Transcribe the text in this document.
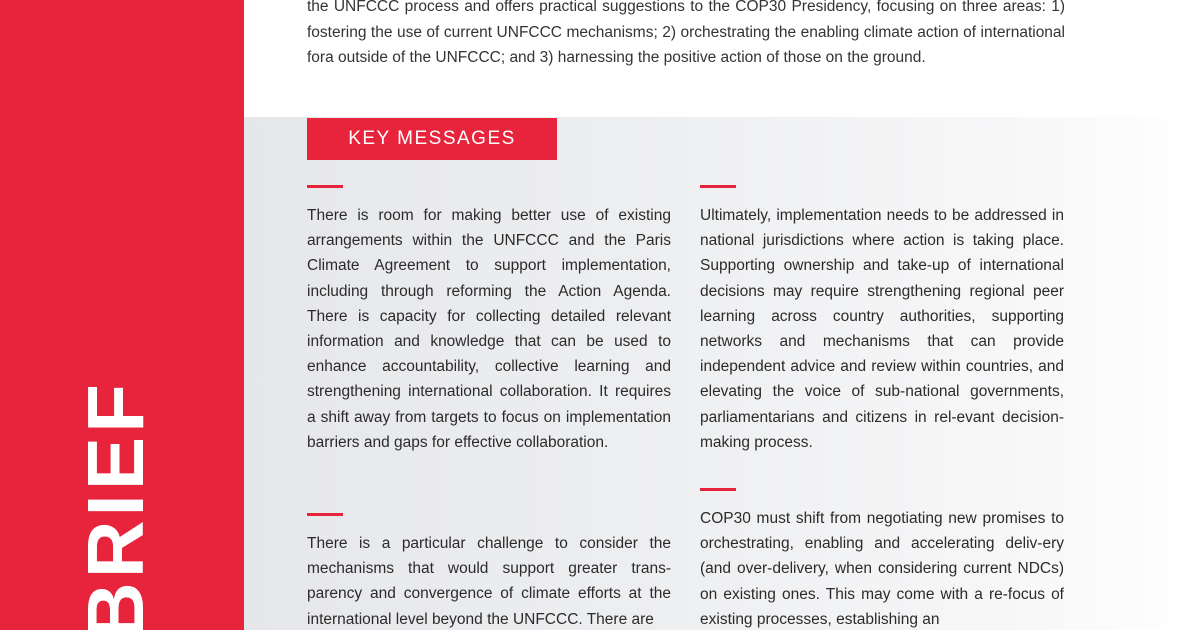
BRIEF

the UNFCCC process and offers practical suggestions to the COP30 Presidency, focusing on three areas: 1) fostering the use of current UNFCCC mechanisms; 2) orchestrating the enabling climate action of international fora outside of the UNFCCC; and 3) harnessing the positive action of those on the ground.

KEY MESSAGES

There is room for making better use of existing arrangements within the UNFCCC and the Paris Climate Agreement to support implementation, including through reforming the Action Agenda. There is capacity for collecting detailed relevant information and knowledge that can be used to enhance accountability, collective learning and strengthening international collaboration. It requires a shift away from targets to focus on implementation barriers and gaps for effective collaboration.

There is a particular challenge to consider the mechanisms that would support greater trans-parency and convergence of climate efforts at the international level beyond the UNFCCC. There are

Ultimately, implementation needs to be addressed in national jurisdictions where action is taking place. Supporting ownership and take-up of international decisions may require strengthening regional peer learning across country authorities, supporting networks and mechanisms that can provide independent advice and review within countries, and elevating the voice of sub-national governments, parliamentarians and citizens in rel-evant decision-making process.

COP30 must shift from negotiating new promises to orchestrating, enabling and accelerating deliv-ery (and over-delivery, when considering current NDCs) on existing ones. This may come with a re-focus of existing processes, establishing an
